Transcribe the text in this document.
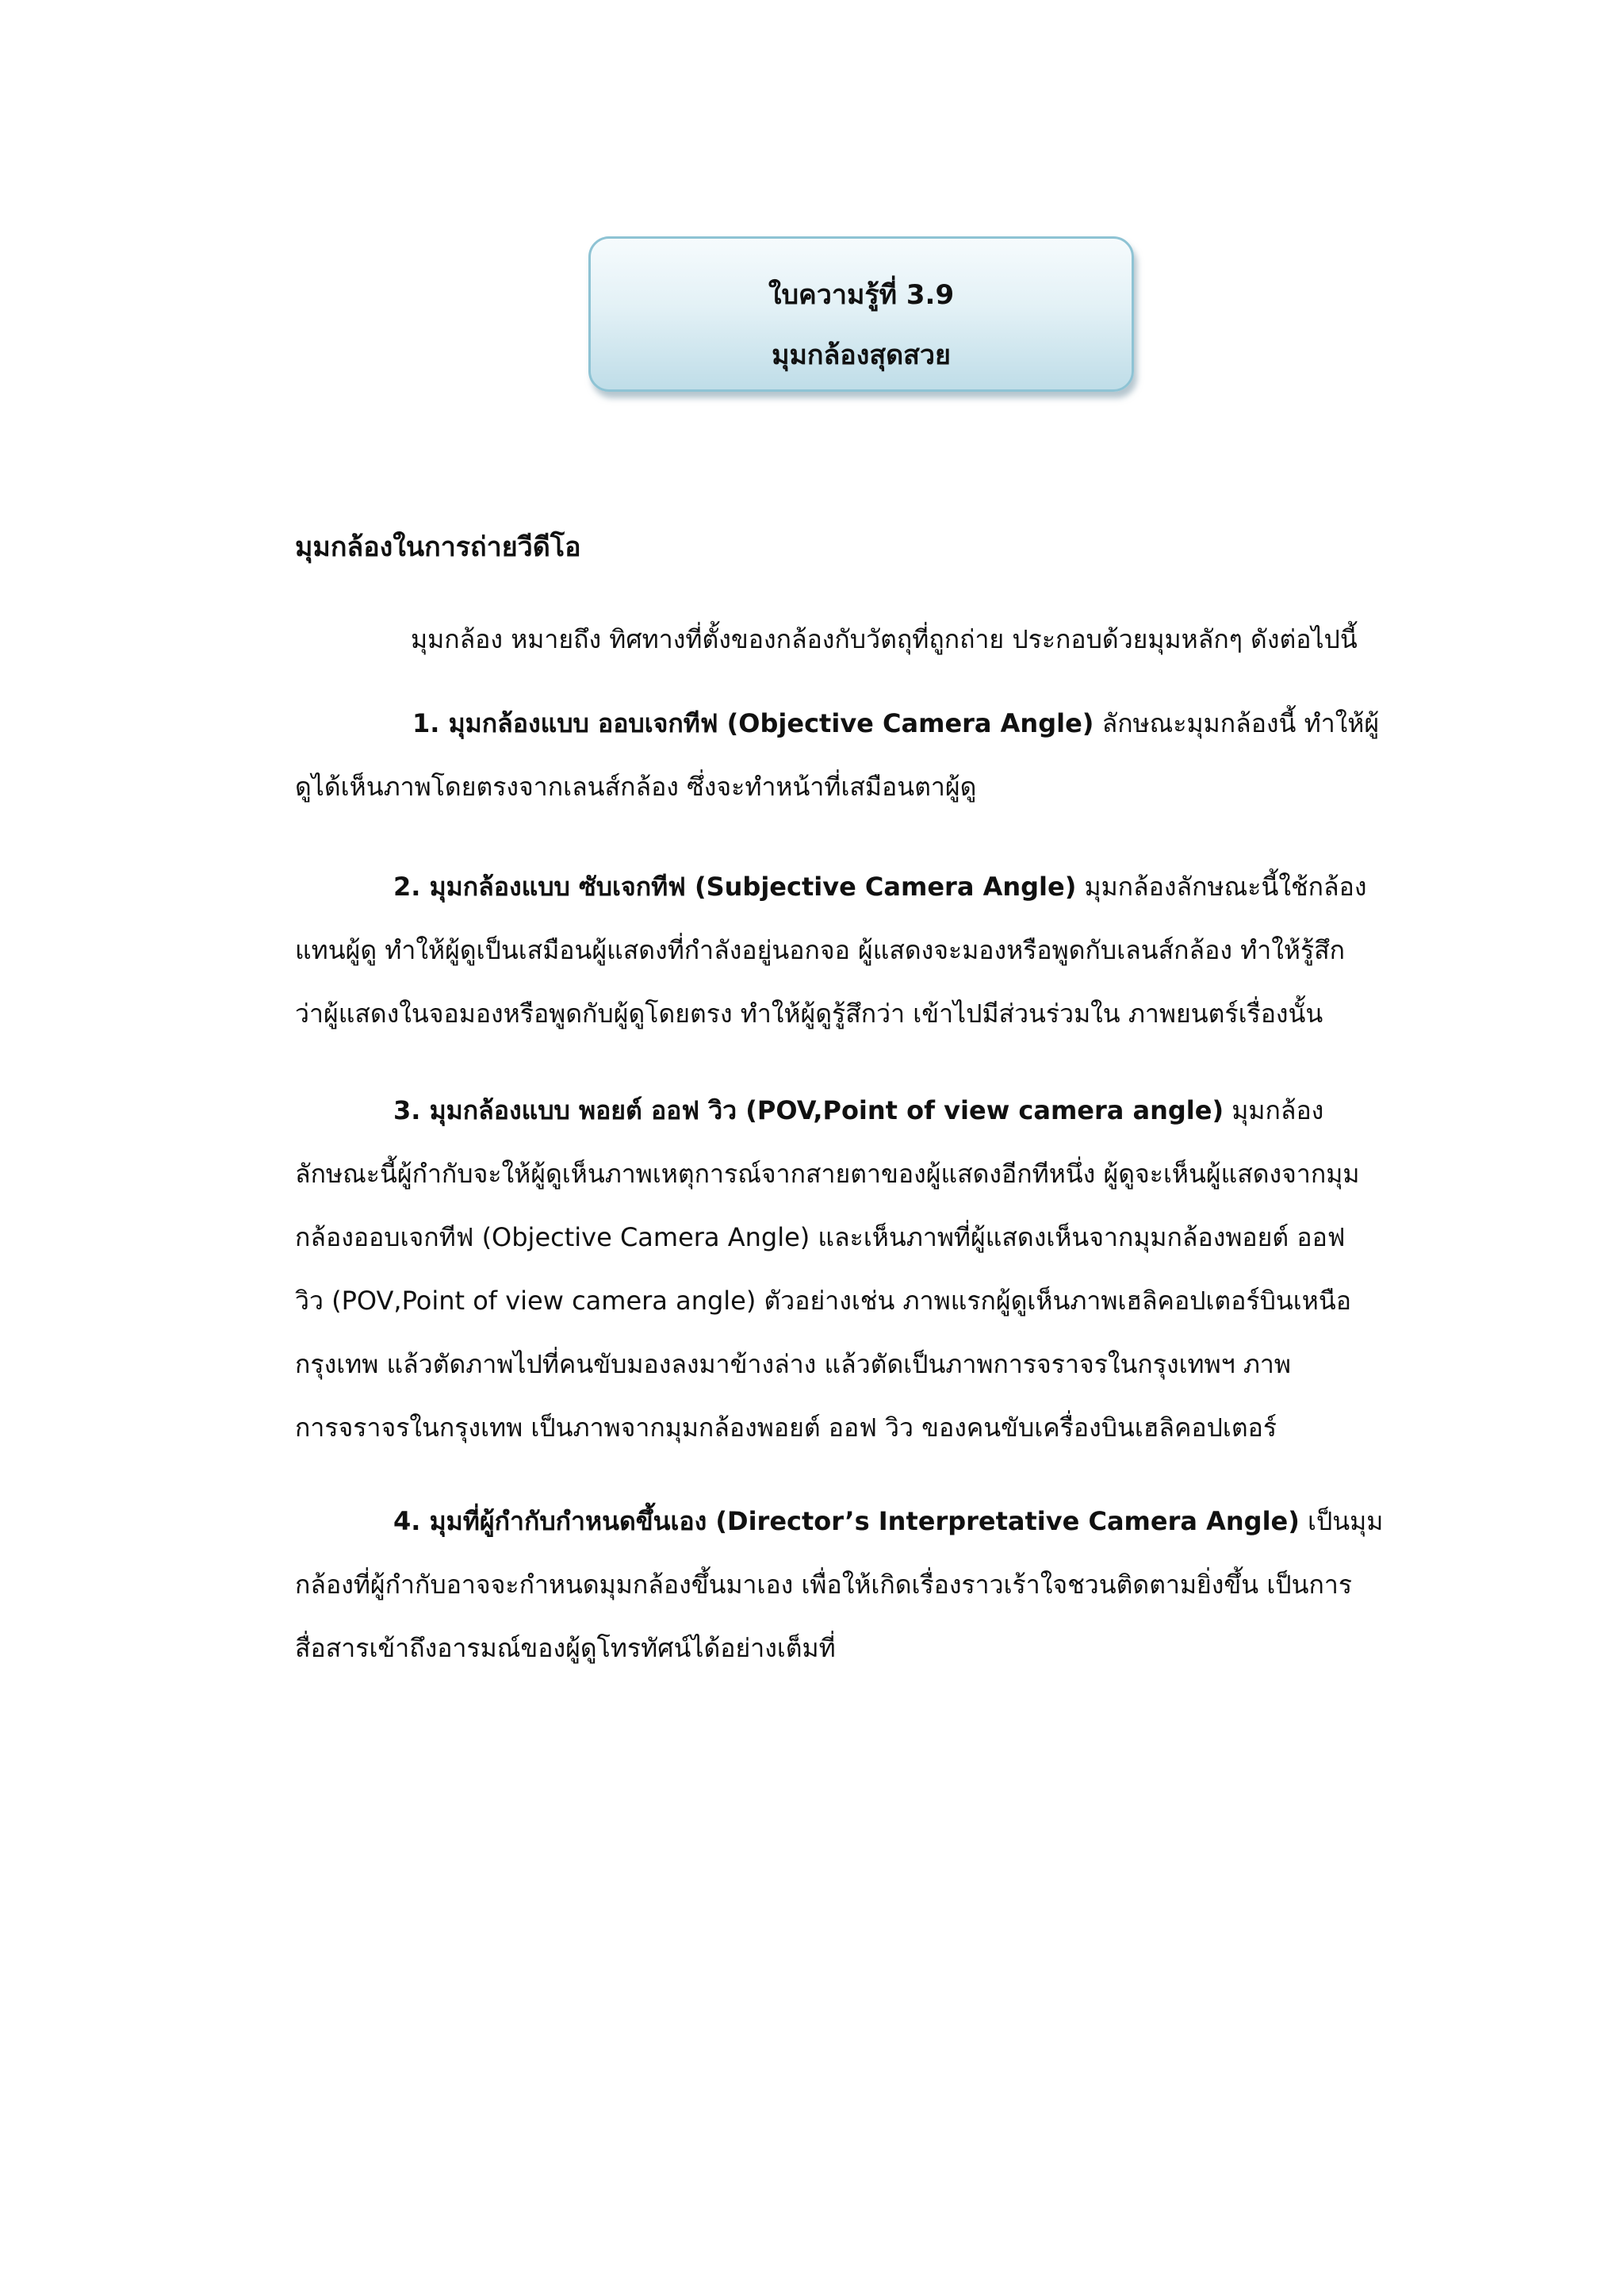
ใบความรู้ที่ 3.9
มุมกล้องสุดสวย
มุมกล้องในการถ่ายวีดีโอ
มุมกล้อง หมายถึง ทิศทางที่ตั้งของกล้องกับวัตถุที่ถูกถ่าย ประกอบด้วยมุมหลักๆ ดังต่อไปนี้
1. มุมกล้องแบบ ออบเจกทีฟ (Objective Camera Angle) ลักษณะมุมกล้องนี้ ทำให้ผู้
ดูได้เห็นภาพโดยตรงจากเลนส์กล้อง ซึ่งจะทำหน้าที่เสมือนตาผู้ดู
2. มุมกล้องแบบ ซับเจกทีฟ (Subjective Camera Angle) มุมกล้องลักษณะนี้ใช้กล้อง
แทนผู้ดู ทำให้ผู้ดูเป็นเสมือนผู้แสดงที่กำลังอยู่นอกจอ ผู้แสดงจะมองหรือพูดกับเลนส์กล้อง ทำให้รู้สึก
ว่าผู้แสดงในจอมองหรือพูดกับผู้ดูโดยตรง ทำให้ผู้ดูรู้สึกว่า เข้าไปมีส่วนร่วมใน ภาพยนตร์เรื่องนั้น
3. มุมกล้องแบบ พอยต์ ออฟ วิว (POV,Point of view camera angle) มุมกล้อง
ลักษณะนี้ผู้กำกับจะให้ผู้ดูเห็นภาพเหตุการณ์จากสายตาของผู้แสดงอีกทีหนึ่ง ผู้ดูจะเห็นผู้แสดงจากมุม
กล้องออบเจกทีฟ (Objective Camera Angle) และเห็นภาพที่ผู้แสดงเห็นจากมุมกล้องพอยต์ ออฟ
วิว (POV,Point of view camera angle) ตัวอย่างเช่น ภาพแรกผู้ดูเห็นภาพเฮลิคอปเตอร์บินเหนือ
กรุงเทพ แล้วตัดภาพไปที่คนขับมองลงมาข้างล่าง แล้วตัดเป็นภาพการจราจรในกรุงเทพฯ ภาพ
การจราจรในกรุงเทพ เป็นภาพจากมุมกล้องพอยต์ ออฟ วิว ของคนขับเครื่องบินเฮลิคอปเตอร์
4. มุมที่ผู้กำกับกำหนดขึ้นเอง (Director’s Interpretative Camera Angle) เป็นมุม
กล้องที่ผู้กำกับอาจจะกำหนดมุมกล้องขึ้นมาเอง เพื่อให้เกิดเรื่องราวเร้าใจชวนติดตามยิ่งขึ้น เป็นการ
สื่อสารเข้าถึงอารมณ์ของผู้ดูโทรทัศน์ได้อย่างเต็มที่
